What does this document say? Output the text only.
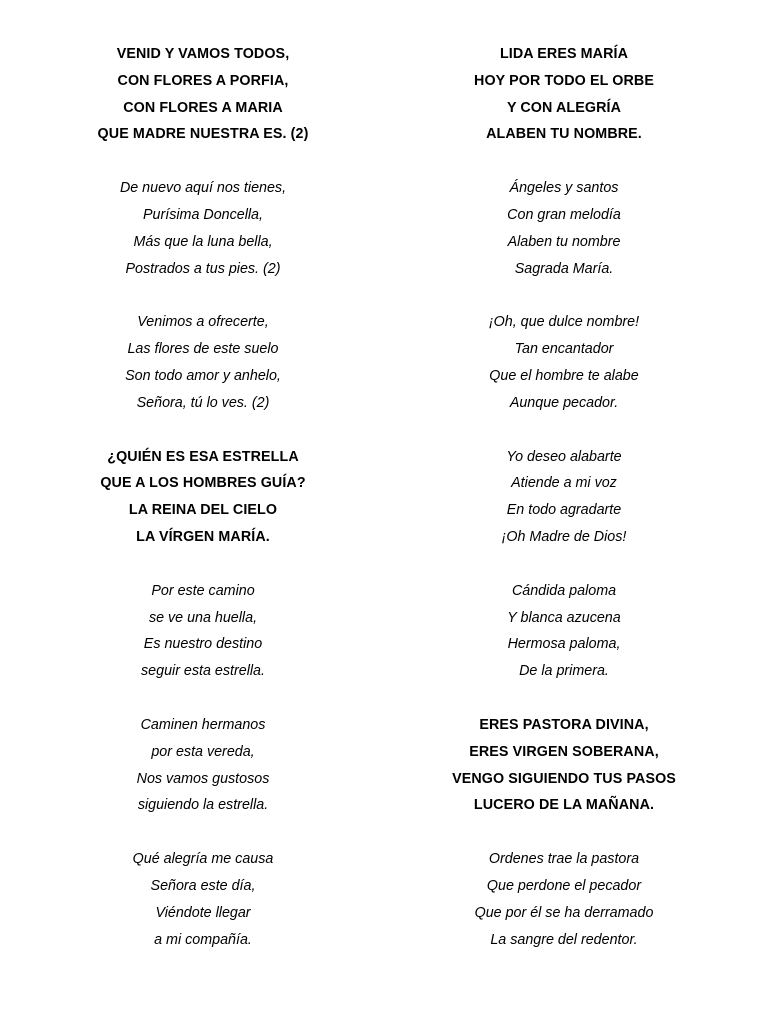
VENID Y VAMOS TODOS,
CON FLORES A PORFIA,
CON FLORES A MARIA
QUE MADRE NUESTRA ES. (2)
De nuevo aquí nos tienes,
Purísima Doncella,
Más que la luna bella,
Postrados a tus pies. (2)
Venimos a ofrecerte,
Las flores de este suelo
Son todo amor y anhelo,
Señora, tú lo ves. (2)
¿QUIÉN ES ESA ESTRELLA
QUE A LOS HOMBRES GUÍA?
LA REINA DEL CIELO
LA VÍRGEN MARÍA.
Por este camino
se ve una huella,
Es nuestro destino
seguir esta estrella.
Caminen hermanos
por esta vereda,
Nos vamos gustosos
siguiendo la estrella.
Qué alegría me causa
Señora este día,
Viéndote llegar
a mi compañía.
LIDA ERES MARÍA
HOY POR TODO EL ORBE
Y CON ALEGRÍA
ALABEN TU NOMBRE.
Ángeles y santos
Con gran melodía
Alaben tu nombre
Sagrada María.
¡Oh, que dulce nombre!
Tan encantador
Que el hombre te alabe
Aunque pecador.
Yo deseo alabarte
Atiende a mi voz
En todo agradarte
¡Oh Madre de Dios!
Cándida paloma
Y blanca azucena
Hermosa paloma,
De la primera.
ERES PASTORA DIVINA,
ERES VIRGEN SOBERANA,
VENGO SIGUIENDO TUS PASOS
LUCERO DE LA MAÑANA.
Ordenes trae la pastora
Que perdone el pecador
Que por él se ha derramado
La sangre del redentor.
